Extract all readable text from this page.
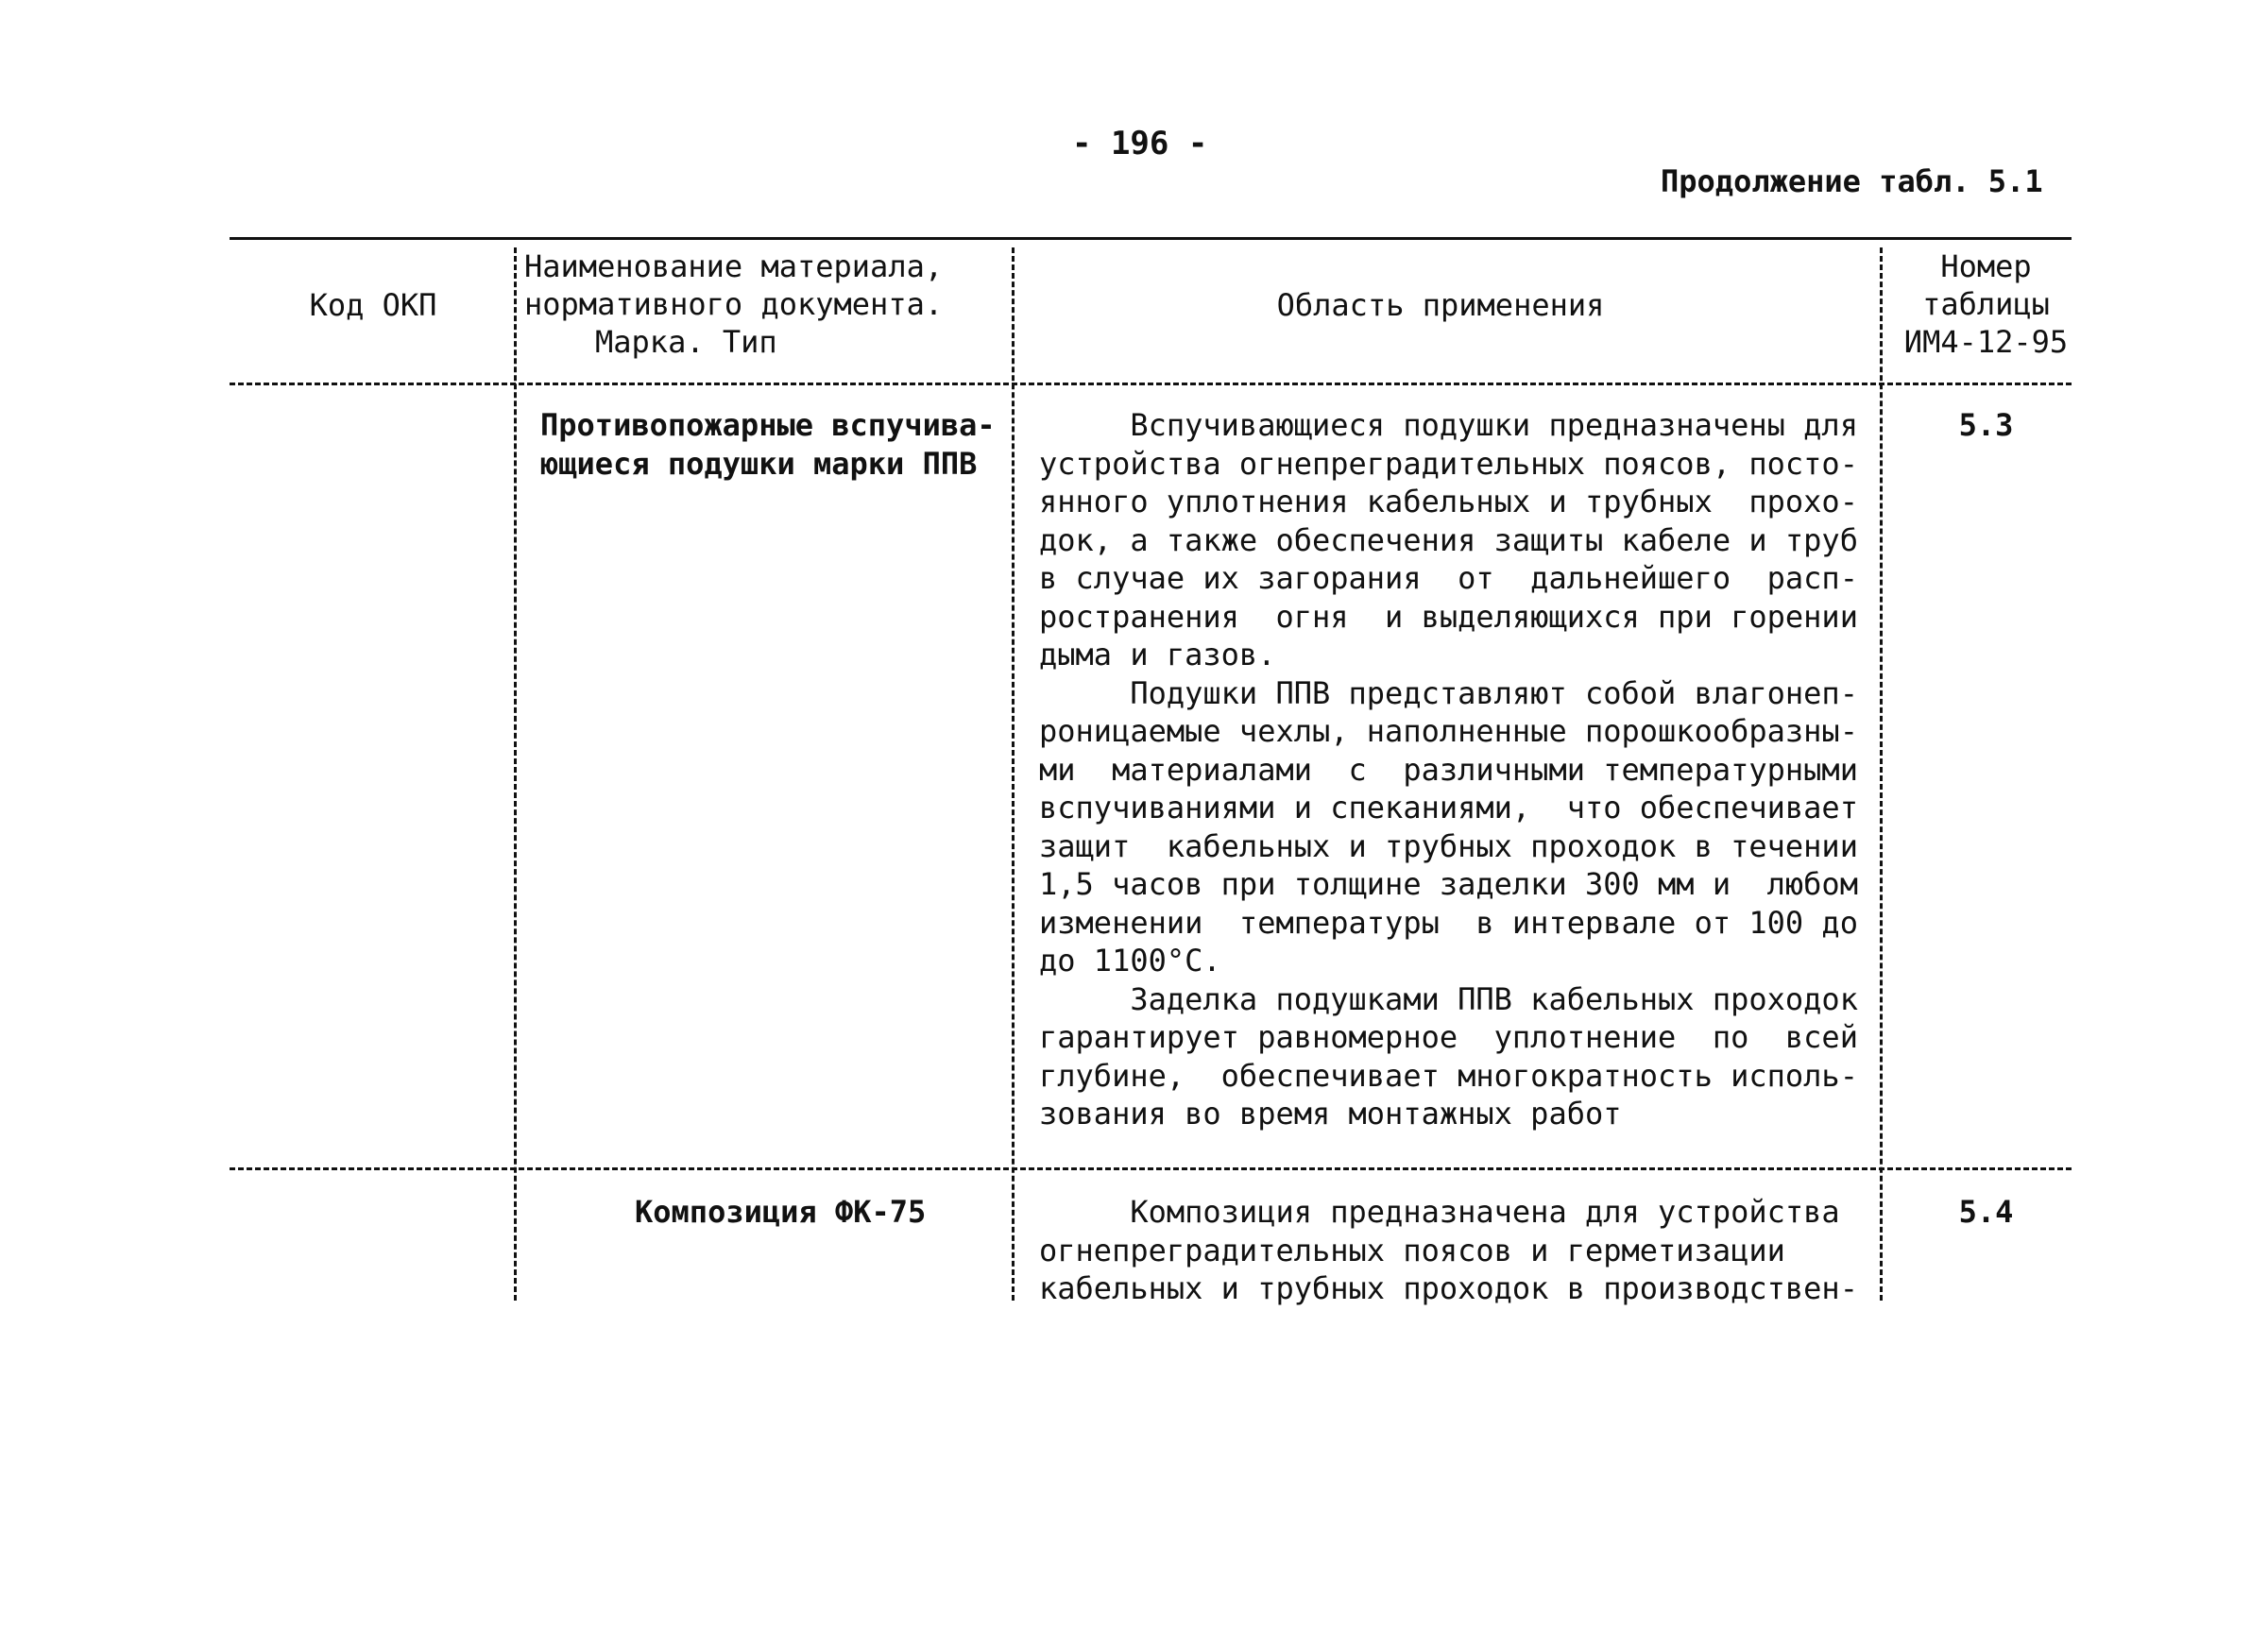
- 196 -
Продолжение табл. 5.1
Код ОКП
Наименование материала,
нормативного документа.
Марка. Тип
Область применения
Номер
таблицы
ИМ4-12-95
Противопожарные вспучива-
ющиеся подушки марки ППВ
Вспучивающиеся подушки предназначены для
устройства огнепреградительных поясов, посто-
янного уплотнения кабельных и трубных  прохо-
док, а также обеспечения защиты кабеле и труб
в случае их загорания  от  дальнейшего  расп-
ространения  огня  и выделяющихся при горении
дыма и газов.
Подушки ППВ представляют собой влагонеп-
роницаемые чехлы, наполненные порошкообразны-
ми  материалами  с  различными температурными
вспучиваниями и спеканиями,  что обеспечивает
защит  кабельных и трубных проходок в течении
1,5 часов при толщине заделки 300 мм и  любом
изменении  температуры  в интервале от 100 до
до 1100°С.
Заделка подушками ППВ кабельных проходок
гарантирует равномерное  уплотнение  по  всей
глубине,  обеспечивает многократность исполь-
зования во время монтажных работ
5.3
Композиция ФК-75	Композиция предназначена для устройства
огнепреградительных поясов и герметизации
кабельных и трубных проходок в производствен-
5.4
